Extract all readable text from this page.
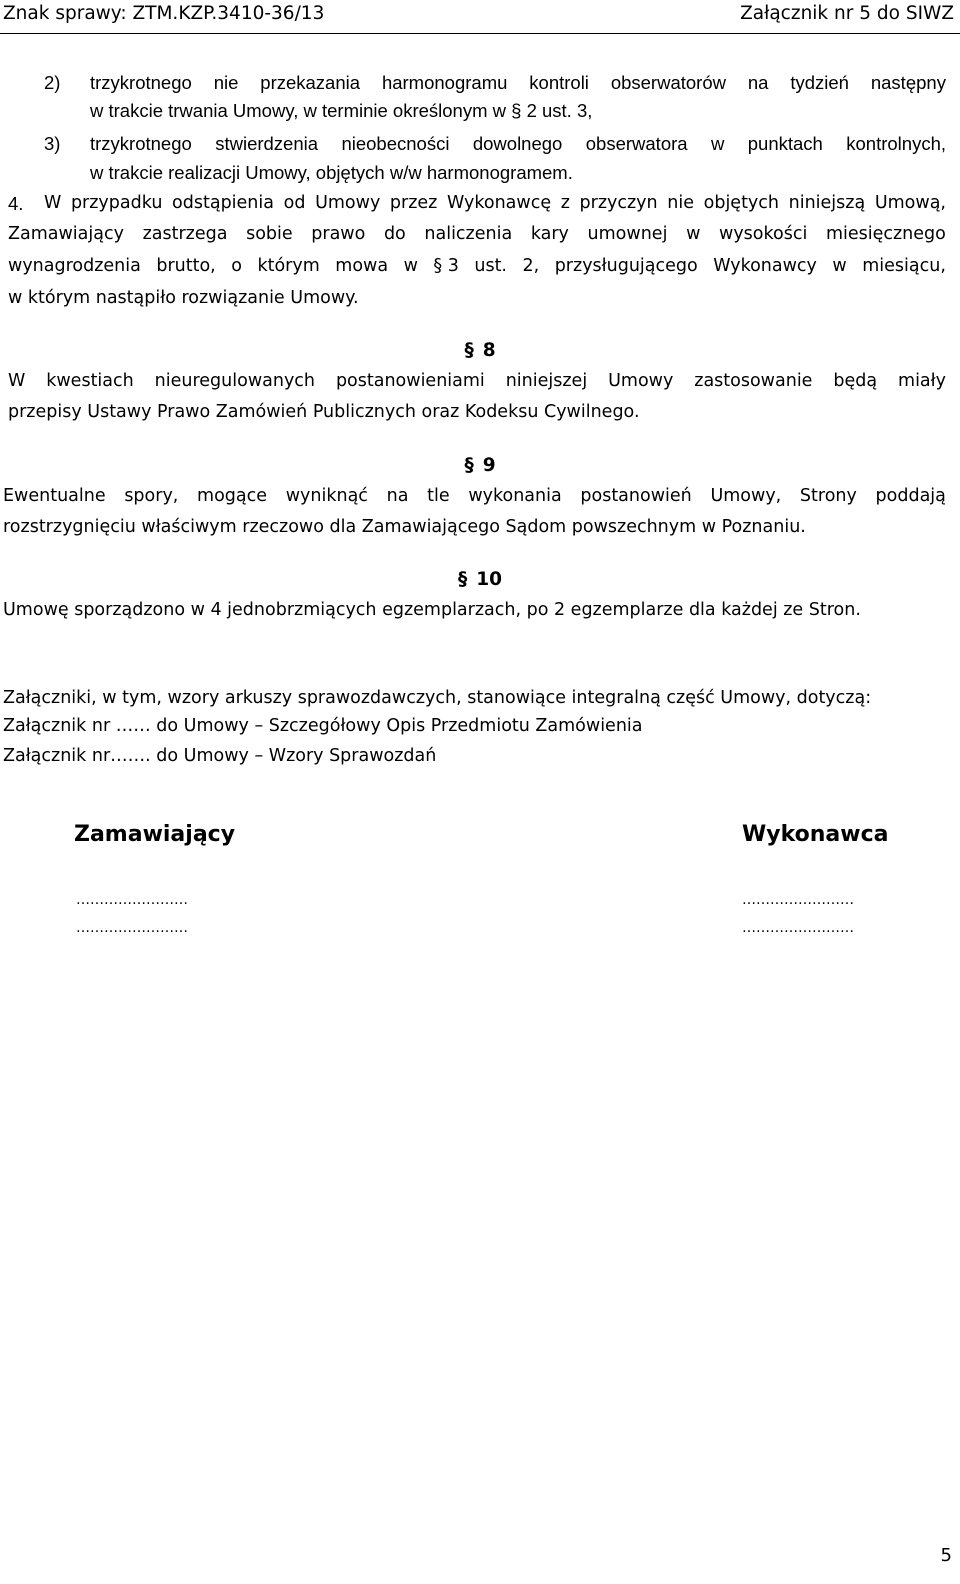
Znak sprawy: ZTM.KZP.3410-36/13	Załącznik nr 5 do SIWZ
2) trzykrotnego nie przekazania harmonogramu kontroli obserwatorów na tydzień następny
w trakcie trwania Umowy, w terminie określonym w § 2 ust. 3,
3) trzykrotnego stwierdzenia nieobecności dowolnego obserwatora w punktach kontrolnych,
w trakcie realizacji Umowy, objętych w/w harmonogramem.
4. W przypadku odstąpienia od Umowy przez Wykonawcę z przyczyn nie objętych niniejszą Umową,
Zamawiający zastrzega sobie prawo do naliczenia kary umownej w wysokości miesięcznego
wynagrodzenia brutto, o którym mowa w § 3 ust. 2, przysługującego Wykonawcy w miesiącu,
w którym nastąpiło rozwiązanie Umowy.
§ 8
W kwestiach nieuregulowanych postanowieniami niniejszej Umowy zastosowanie będą miały
przepisy Ustawy Prawo Zamówień Publicznych oraz Kodeksu Cywilnego.
§ 9
Ewentualne spory, mogące wyniknąć na tle wykonania postanowień Umowy, Strony poddają
rozstrzygnięciu właściwym rzeczowo dla Zamawiającego Sądom powszechnym w Poznaniu.
§ 10
Umowę sporządzono w 4 jednobrzmiących egzemplarzach, po 2 egzemplarze dla każdej ze Stron.
Załączniki, w tym, wzory arkuszy sprawozdawczych, stanowiące integralną część Umowy, dotyczą:
Załącznik nr …… do Umowy – Szczegółowy Opis Przedmiotu Zamówienia
Załącznik nr……. do Umowy – Wzory Sprawozdań
Zamawiający	Wykonawca
……………………
……………………
……………………
……………………
5
